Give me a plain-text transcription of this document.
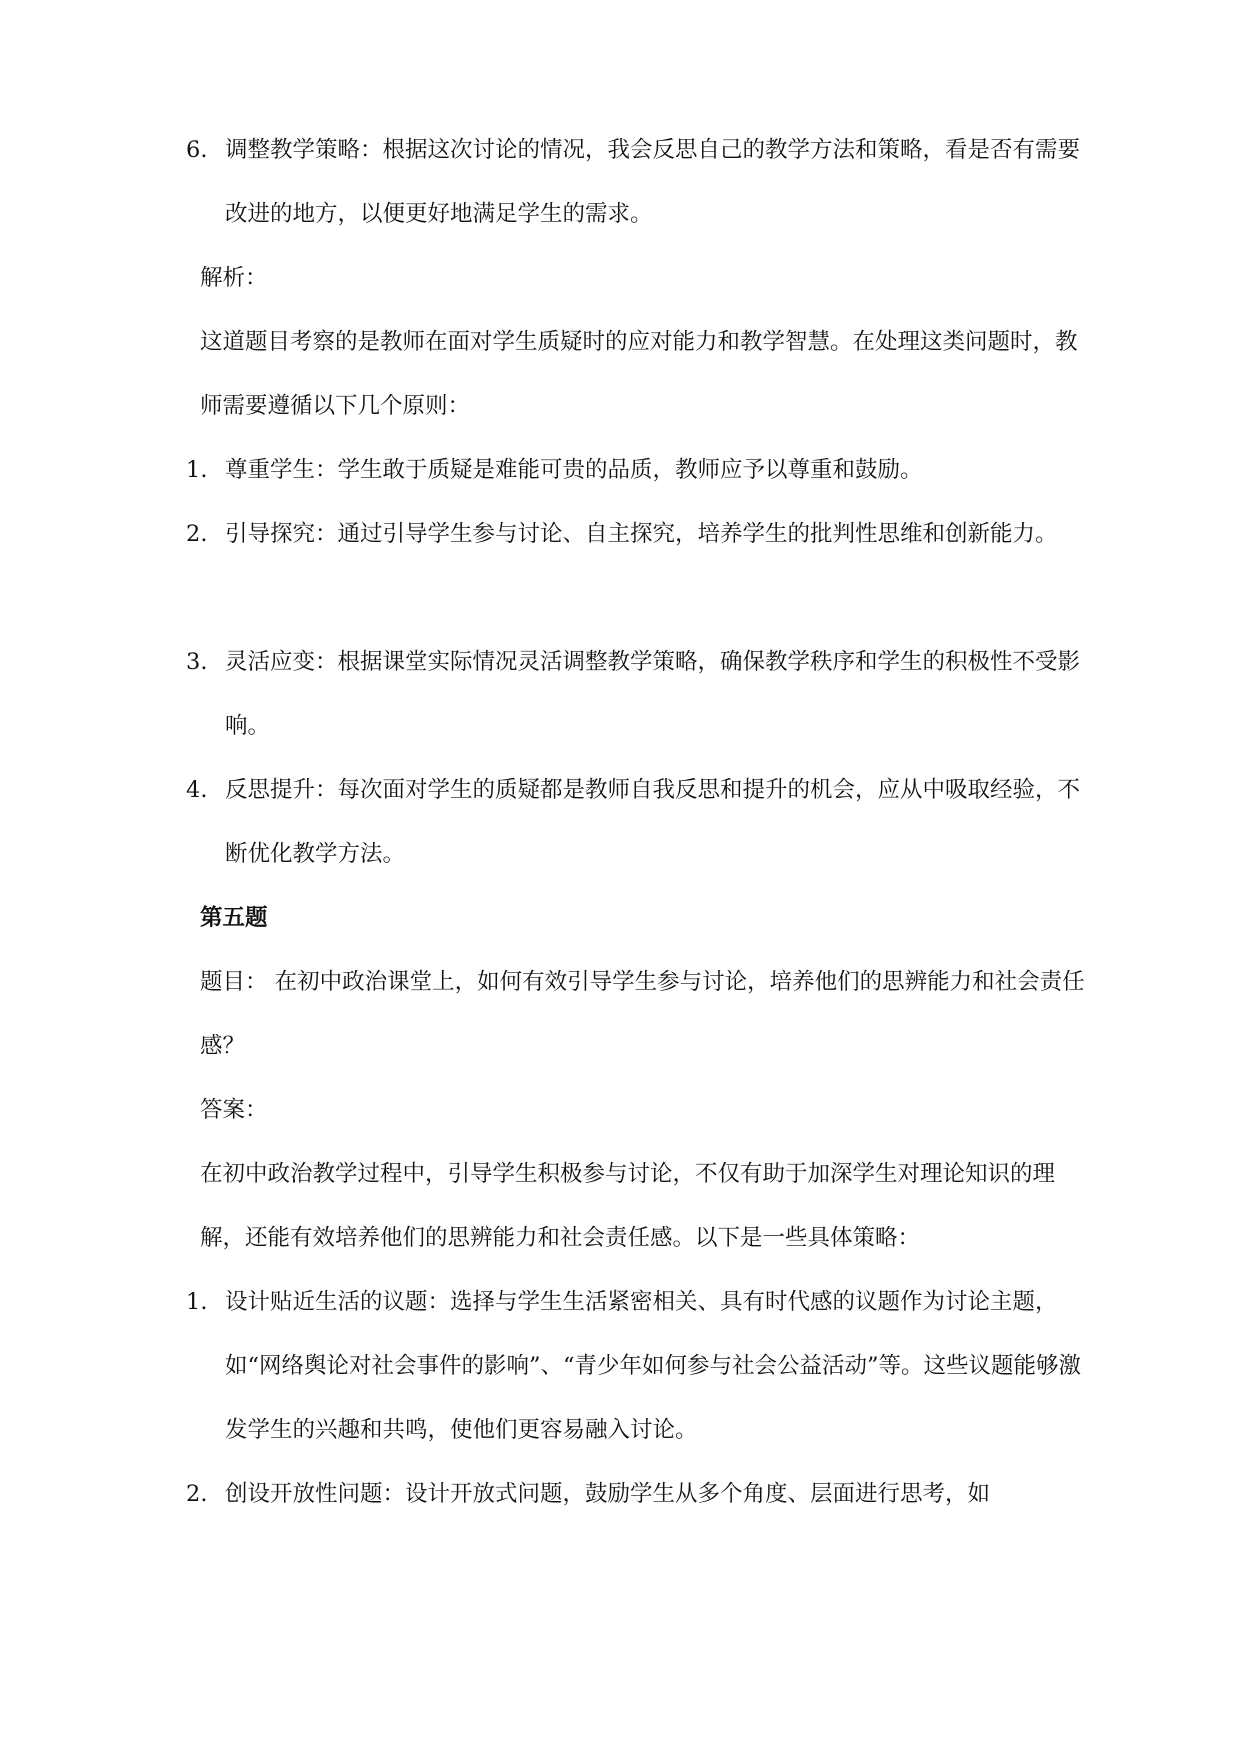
6. 调整教学策略：根据这次讨论的情况，我会反思自己的教学方法和策略，看是否有需要改进的地方，以便更好地满足学生的需求。

解析：

这道题目考察的是教师在面对学生质疑时的应对能力和教学智慧。在处理这类问题时，教师需要遵循以下几个原则：

1. 尊重学生：学生敢于质疑是难能可贵的品质，教师应予以尊重和鼓励。
2. 引导探究：通过引导学生参与讨论、自主探究，培养学生的批判性思维和创新能力。
3. 灵活应变：根据课堂实际情况灵活调整教学策略，确保教学秩序和学生的积极性不受影响。
4. 反思提升：每次面对学生的质疑都是教师自我反思和提升的机会，应从中吸取经验，不断优化教学方法。

第五题

题目： 在初中政治课堂上，如何有效引导学生参与讨论，培养他们的思辨能力和社会责任感？

答案：

在初中政治教学过程中，引导学生积极参与讨论，不仅有助于加深学生对理论知识的理解，还能有效培养他们的思辨能力和社会责任感。以下是一些具体策略：

1. 设计贴近生活的议题：选择与学生生活紧密相关、具有时代感的议题作为讨论主题，如“网络舆论对社会事件的影响”、“青少年如何参与社会公益活动”等。这些议题能够激发学生的兴趣和共鸣，使他们更容易融入讨论。
2. 创设开放性问题：设计开放式问题，鼓励学生从多个角度、层面进行思考，如
